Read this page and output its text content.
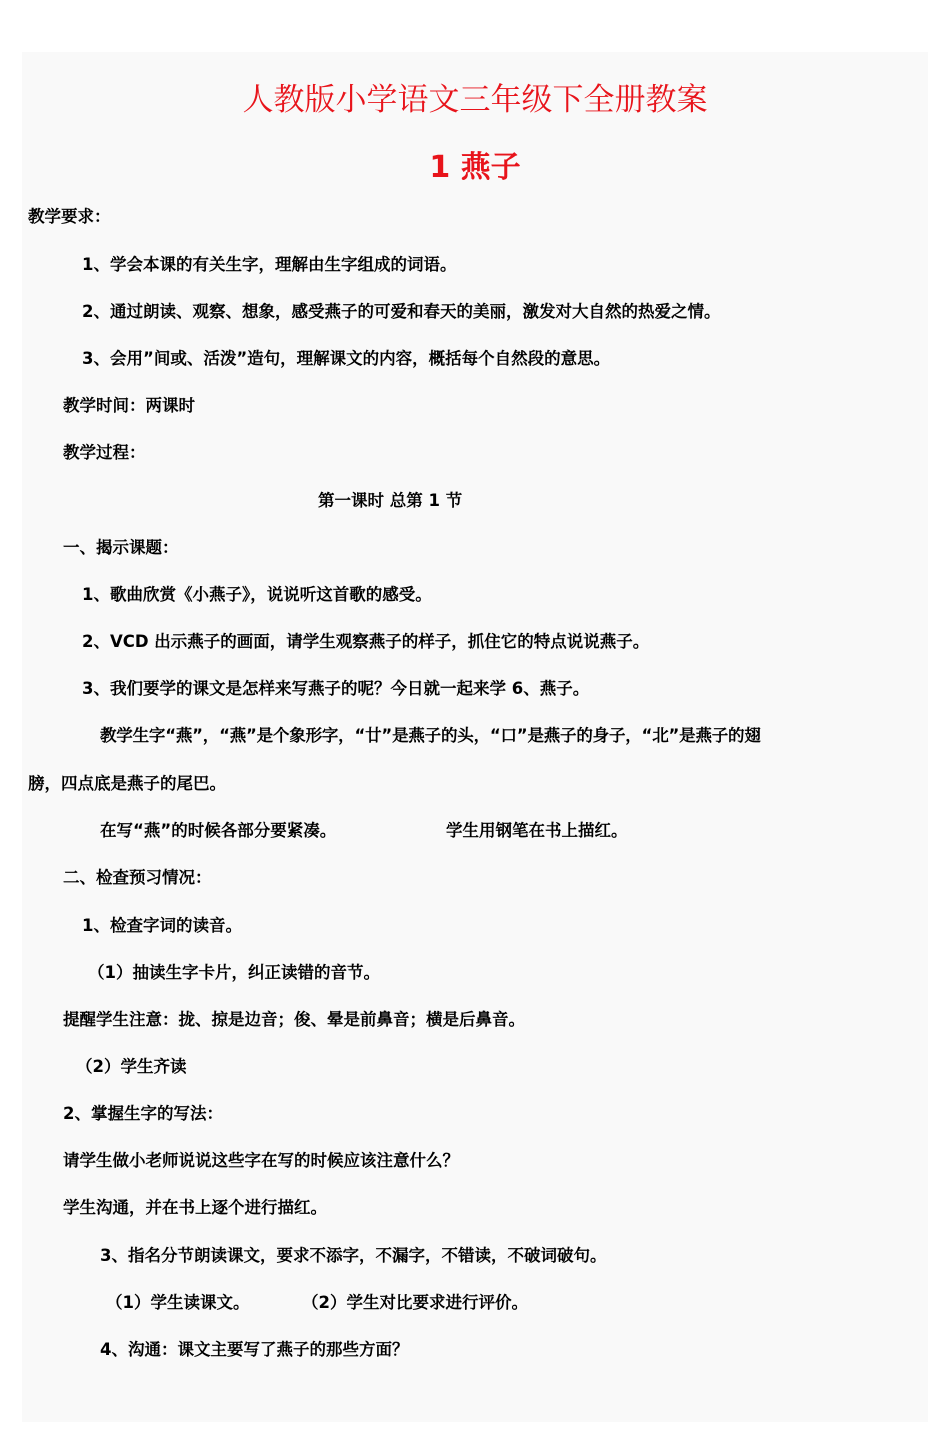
人教版小学语文三年级下全册教案
1 燕子
教学要求：
1、学会本课的有关生字，理解由生字组成的词语。
2、通过朗读、观察、想象，感受燕子的可爱和春天的美丽，激发对大自然的热爱之情。
3、会用”间或、活泼”造句，理解课文的内容，概括每个自然段的意思。
教学时间：两课时
教学过程：
第一课时 总第 1 节
一、揭示课题：
1、歌曲欣赏《小燕子》，说说听这首歌的感受。
2、VCD 出示燕子的画面，请学生观察燕子的样子，抓住它的特点说说燕子。
3、我们要学的课文是怎样来写燕子的呢？今日就一起来学 6、燕子。
教学生字“燕”，“燕”是个象形字，“廿”是燕子的头，“口”是燕子的身子，“北”是燕子的翅
膀，四点底是燕子的尾巴。
在写“燕”的时候各部分要紧凑。	学生用钢笔在书上描红。
二、检查预习情况：
1、检查字词的读音。
（1）抽读生字卡片，纠正读错的音节。
提醒学生注意：拢、掠是边音；俊、晕是前鼻音；横是后鼻音。
（2）学生齐读
2、掌握生字的写法：
请学生做小老师说说这些字在写的时候应该注意什么？
学生沟通，并在书上逐个进行描红。
3、指名分节朗读课文，要求不添字，不漏字，不错读，不破词破句。
（1）学生读课文。	（2）学生对比要求进行评价。
4、沟通：课文主要写了燕子的那些方面？
